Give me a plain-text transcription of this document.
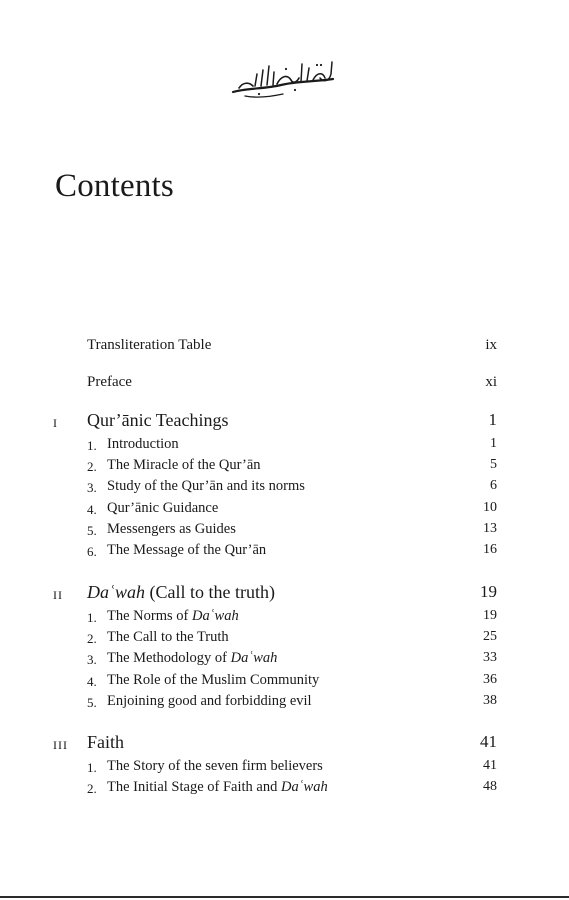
Contents
Transliteration Table	ix
Preface	xi
I Qur’ānic Teachings	1
1. Introduction	1
2. The Miracle of the Qur’ān	5
3. Study of the Qur’ān and its norms	6
4. Qur’ānic Guidance	10
5. Messengers as Guides	13
6. The Message of the Qur’ān	16
II Daʿwah (Call to the truth)	19
1. The Norms of Daʿwah	19
2. The Call to the Truth	25
3. The Methodology of Daʿwah	33
4. The Role of the Muslim Community	36
5. Enjoining good and forbidding evil	38
III Faith	41
1. The Story of the seven firm believers	41
2. The Initial Stage of Faith and Daʿwah	48
